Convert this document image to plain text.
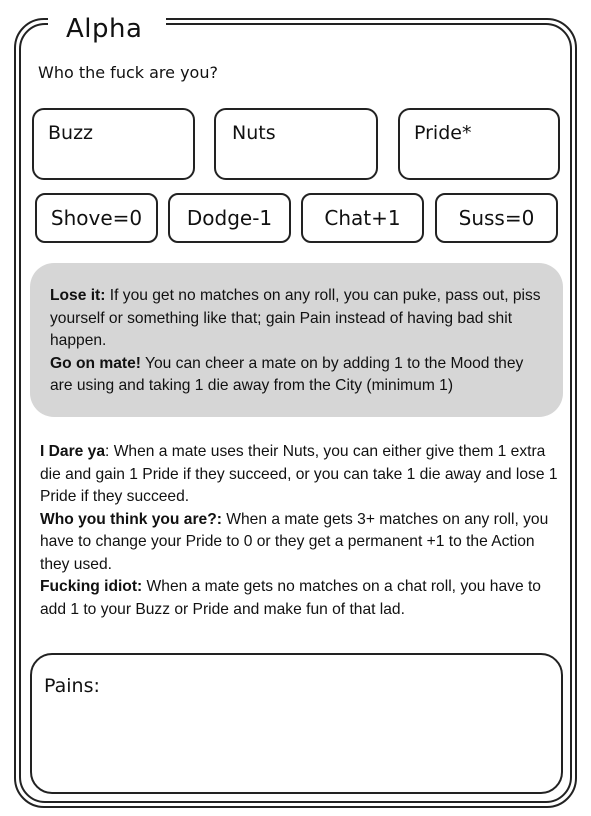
Alpha
Who the fuck are you?
Buzz	Nuts	Pride*
Shove=0	Dodge-1	Chat+1	Suss=0

Lose it: If you get no matches on any roll, you can puke, pass out, piss yourself or something like that; gain Pain instead of having bad shit happen.

Go on mate! You can cheer a mate on by adding 1 to the Mood they are using and taking 1 die away from the City (minimum 1)

I Dare ya: When a mate uses their Nuts, you can either give them 1 extra die and gain 1 Pride if they succeed, or you can take 1 die away and lose 1 Pride if they succeed.

Who you think you are?: When a mate gets 3+ matches on any roll, you have to change your Pride to 0 or they get a permanent +1 to the Action they used.

Fucking idiot: When a mate gets no matches on a chat roll, you have to add 1 to your Buzz or Pride and make fun of that lad.

Pains:
